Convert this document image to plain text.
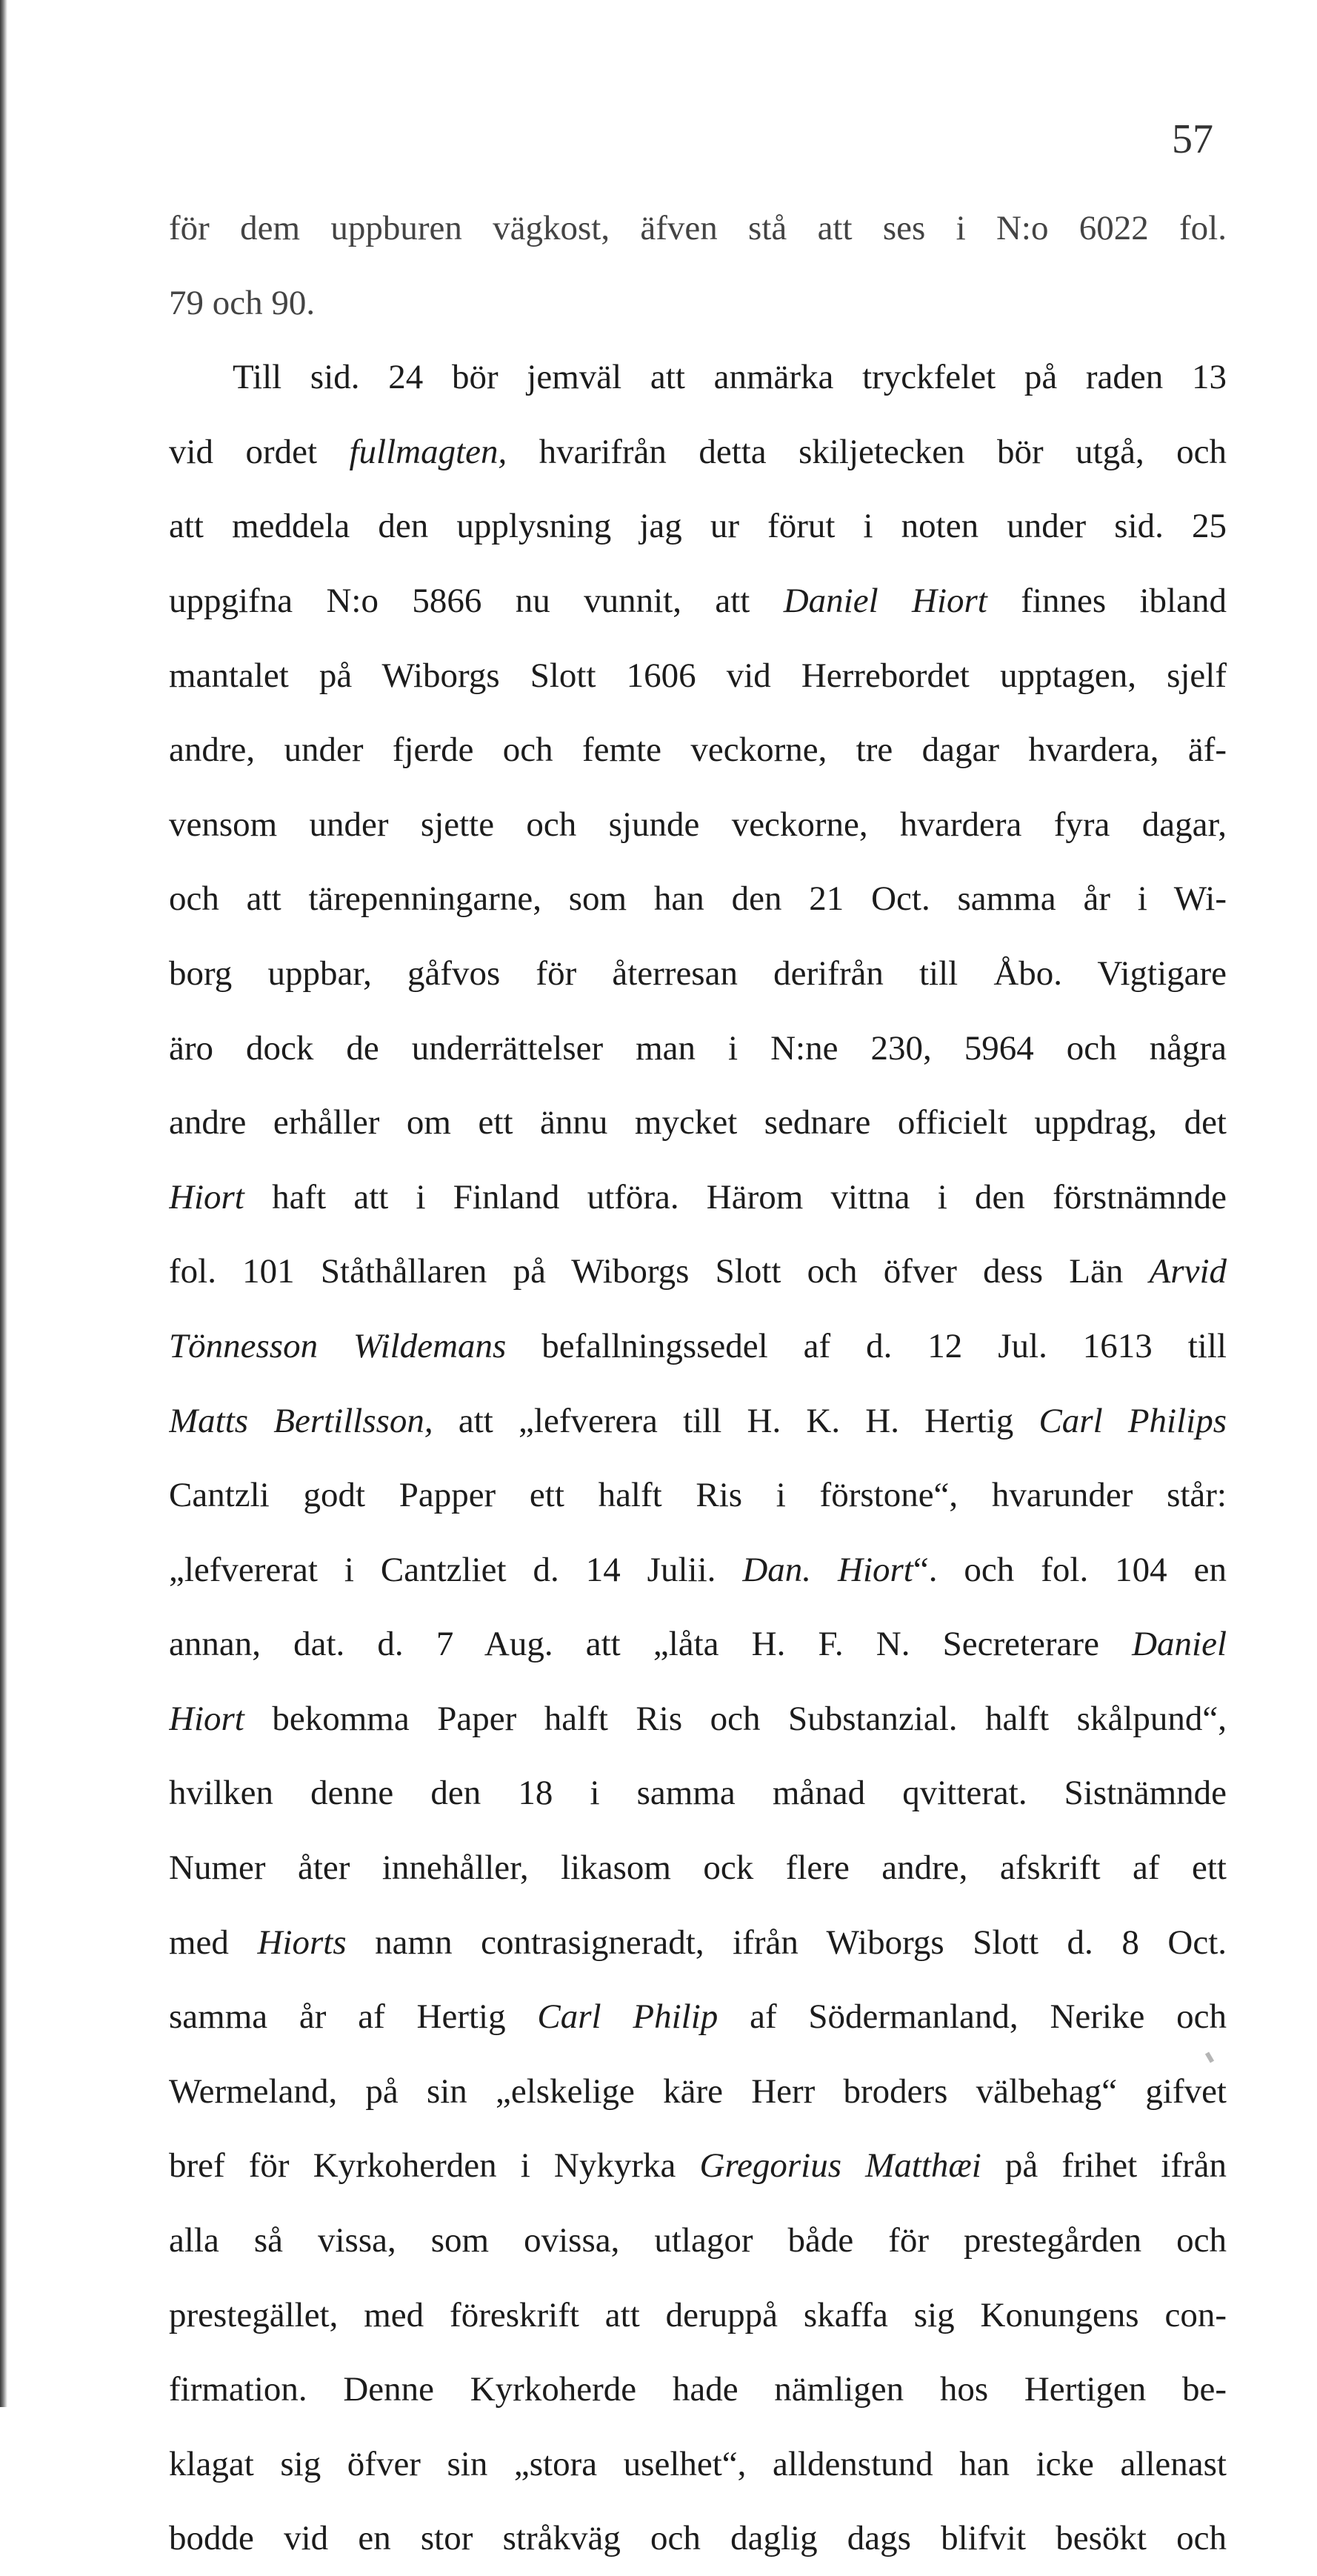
57
för dem uppburen vägkost, äfven stå att ses i N:o 6022 fol.
79 och 90.
Till sid. 24 bör jemväl att anmärka tryckfelet på raden 13
vid ordet fullmagten, hvarifrån detta skiljetecken bör utgå, och
att meddela den upplysning jag ur förut i noten under sid. 25
uppgifna N:o 5866 nu vunnit, att Daniel Hiort finnes ibland
mantalet på Wiborgs Slott 1606 vid Herrebordet upptagen, sjelf
andre, under fjerde och femte veckorne, tre dagar hvardera, äf-
vensom under sjette och sjunde veckorne, hvardera fyra dagar,
och att tärepenningarne, som han den 21 Oct. samma år i Wi-
borg uppbar, gåfvos för återresan derifrån till Åbo. Vigtigare
äro dock de underrättelser man i N:ne 230, 5964 och några
andre erhåller om ett ännu mycket sednare officielt uppdrag, det
Hiort haft att i Finland utföra. Härom vittna i den förstnämnde
fol. 101 Ståthållaren på Wiborgs Slott och öfver dess Län Arvid
Tönnesson Wildemans befallningssedel af d. 12 Jul. 1613 till
Matts Bertillsson, att „lefverera till H. K. H. Hertig Carl Philips
Cantzli godt Papper ett halft Ris i förstone“, hvarunder står:
„lefvererat i Cantzliet d. 14 Julii. Dan. Hiort“. och fol. 104 en
annan, dat. d. 7 Aug. att „låta H. F. N. Secreterare Daniel
Hiort bekomma Paper halft Ris och Substanzial. halft skålpund“,
hvilken denne den 18 i samma månad qvitterat. Sistnämnde
Numer åter innehåller, likasom ock flere andre, afskrift af ett
med Hiorts namn contrasigneradt, ifrån Wiborgs Slott d. 8 Oct.
samma år af Hertig Carl Philip af Södermanland, Nerike och
Wermeland, på sin „elskelige käre Herr broders välbehag“ gifvet
bref för Kyrkoherden i Nykyrka Gregorius Matthæi på frihet ifrån
alla så vissa, som ovissa, utlagor både för prestegården och
prestegället, med föreskrift att deruppå skaffa sig Konungens con-
firmation. Denne Kyrkoherde hade nämligen hos Hertigen be-
klagat sig öfver sin „stora uselhet“, alldenstund han icke allenast
bodde vid en stor stråkväg och daglig dags blifvit besökt och
